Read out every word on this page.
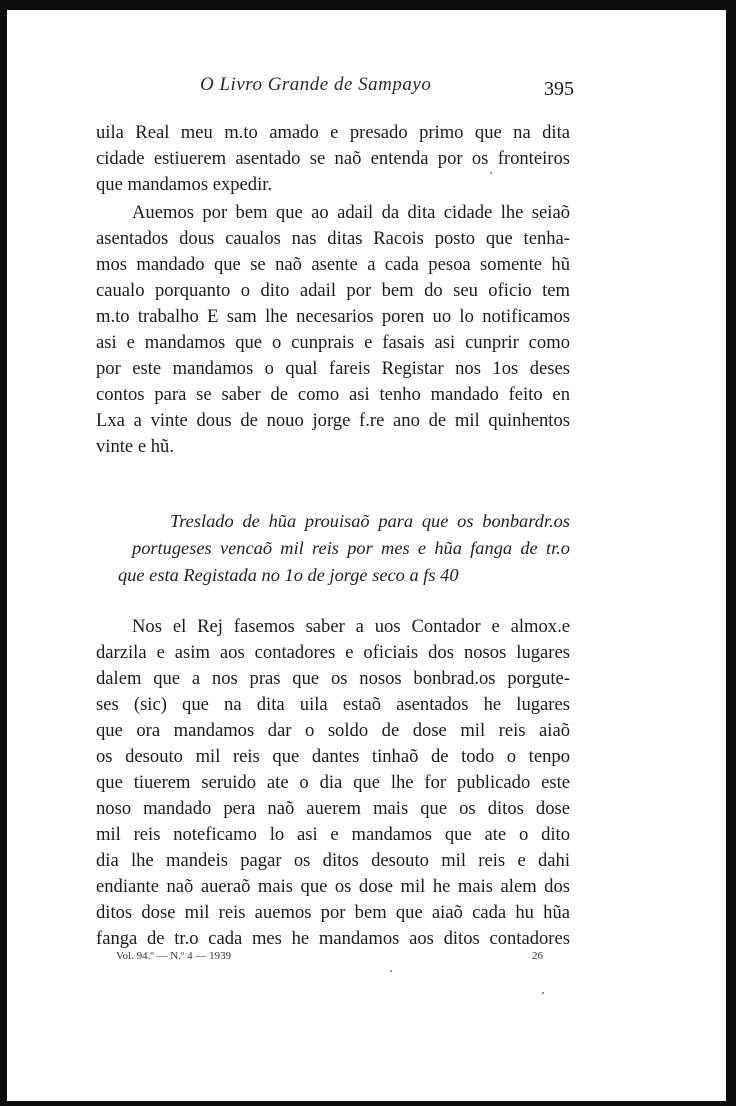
O Livro Grande de Sampayo	395
uila Real meu m.to amado e presado primo que na dita
cidade estiuerem asentado se naõ entenda por os fronteiros
que mandamos expedir.
Auemos por bem que ao adail da dita cidade lhe seiaõ
asentados dous caualos nas ditas Racois posto que tenha-
mos mandado que se naõ asente a cada pesoa somente hũ
caualo porquanto o dito adail por bem do seu oficio tem
m.to trabalho E sam lhe necesarios poren uo lo notificamos
asi e mandamos que o cunprais e fasais asi cunprir como
por este mandamos o qual fareis Registar nos 1os deses
contos para se saber de como asi tenho mandado feito en
Lxa a vinte dous de nouo jorge f.re ano de mil quinhentos
vinte e hũ.
Treslado de hũa prouisaõ para que os bonbardr.os
portugeses vencaõ mil reis por mes e hũa fanga de tr.o
que esta Registada no 1o de jorge seco a fs 40
Nos el Rej fasemos saber a uos Contador e almox.e
darzila e asim aos contadores e oficiais dos nosos lugares
dalem que a nos pras que os nosos bonbrad.os porgute-
ses (sic) que na dita uila estaõ asentados he lugares
que ora mandamos dar o soldo de dose mil reis aiaõ
os desouto mil reis que dantes tinhaõ de todo o tenpo
que tiuerem seruido ate o dia que lhe for publicado este
noso mandado pera naõ auerem mais que os ditos dose
mil reis noteficamo lo asi e mandamos que ate o dito
dia lhe mandeis pagar os ditos desouto mil reis e dahi
endiante naõ aueraõ mais que os dose mil he mais alem dos
ditos dose mil reis auemos por bem que aiaõ cada hu hũa
fanga de tr.o cada mes he mandamos aos ditos contadores
Vol. 94.º — N.º 4 — 1939	26
